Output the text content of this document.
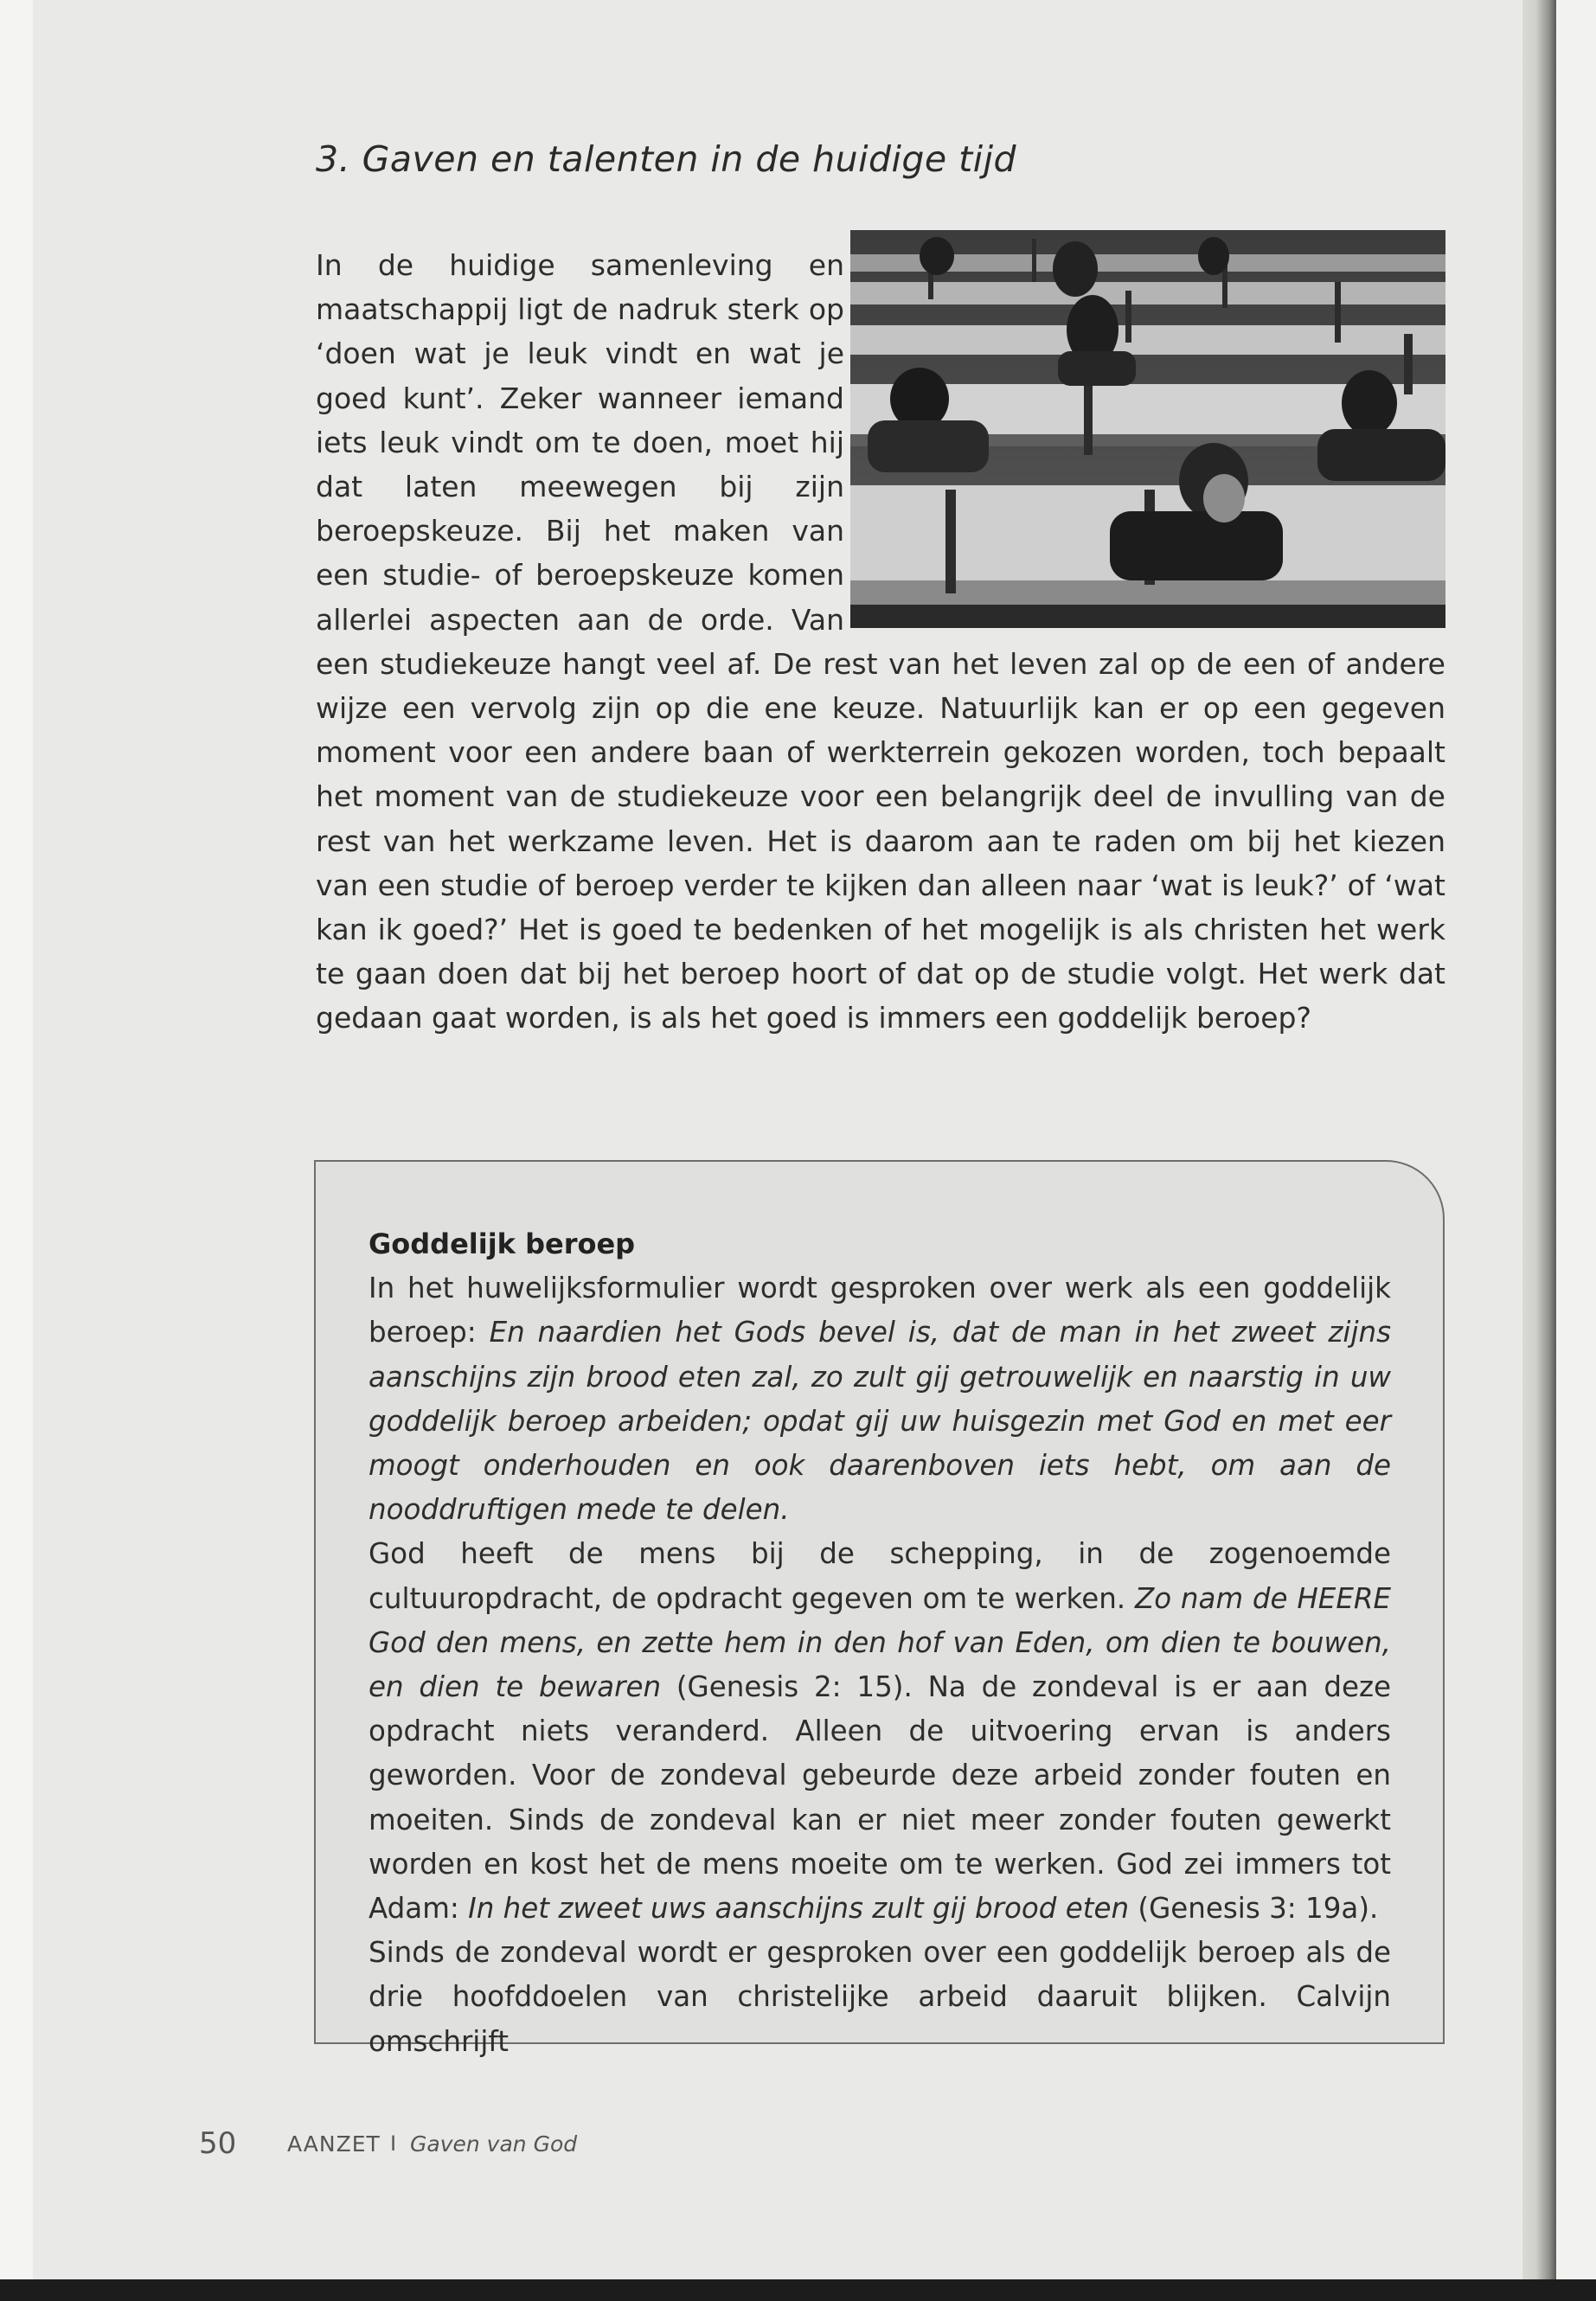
3. Gaven en talenten in de huidige tijd

In de huidige samenleving en maatschappij ligt de nadruk sterk op ‘doen wat je leuk vindt en wat je goed kunt’. Zeker wanneer iemand iets leuk vindt om te doen, moet hij dat laten meewegen bij zijn beroepskeuze. Bij het maken van een studie- of beroepskeuze komen allerlei aspecten aan de orde. Van een studiekeuze hangt veel af. De rest van het leven zal op de een of andere wijze een vervolg zijn op die ene keuze. Natuurlijk kan er op een gegeven moment voor een andere baan of werkterrein gekozen worden, toch bepaalt het moment van de studiekeuze voor een belangrijk deel de invulling van de rest van het werkzame leven. Het is daarom aan te raden om bij het kiezen van een studie of beroep verder te kijken dan alleen naar ‘wat is leuk?’ of ‘wat kan ik goed?’ Het is goed te bedenken of het mogelijk is als christen het werk te gaan doen dat bij het beroep hoort of dat op de studie volgt. Het werk dat gedaan gaat worden, is als het goed is immers een goddelijk beroep?

Goddelijk beroep

In het huwelijksformulier wordt gesproken over werk als een goddelijk beroep: En naardien het Gods bevel is, dat de man in het zweet zijns aanschijns zijn brood eten zal, zo zult gij getrouwelijk en naarstig in uw goddelijk beroep arbeiden; opdat gij uw huisgezin met God en met eer moogt onderhouden en ook daarenboven iets hebt, om aan de nooddruftigen mede te delen.

God heeft de mens bij de schepping, in de zogenoemde cultuuropdracht, de opdracht gegeven om te werken. Zo nam de HEERE God den mens, en zette hem in den hof van Eden, om dien te bouwen, en dien te bewaren (Genesis 2: 15). Na de zondeval is er aan deze opdracht niets veranderd. Alleen de uitvoering ervan is anders geworden. Voor de zondeval gebeurde deze arbeid zonder fouten en moeiten. Sinds de zondeval kan er niet meer zonder fouten gewerkt worden en kost het de mens moeite om te werken. God zei immers tot Adam: In het zweet uws aanschijns zult gij brood eten (Genesis 3: 19a).

Sinds de zondeval wordt er gesproken over een goddelijk beroep als de drie hoofddoelen van christelijke arbeid daaruit blijken. Calvijn omschrijft

50 AANZET I Gaven van God
